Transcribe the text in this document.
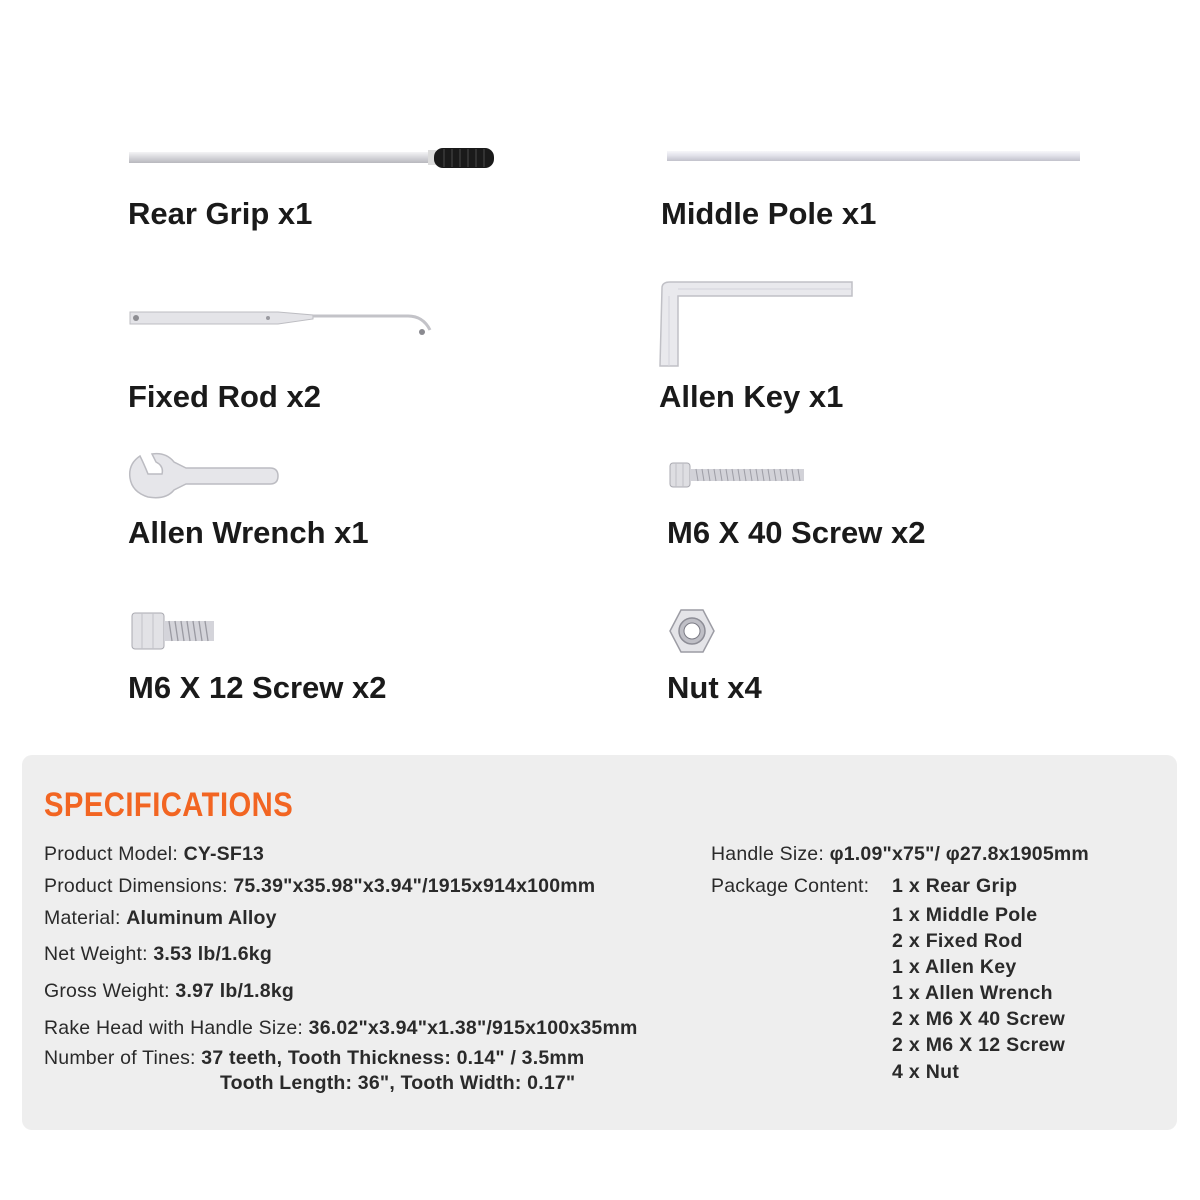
Rear Grip x1	Middle Pole x1
Fixed Rod x2	Allen Key x1
Allen Wrench x1	M6 X 40 Screw x2
M6 X 12 Screw x2	Nut x4
SPECIFICATIONS
Product Model: CY-SF13
Product Dimensions: 75.39"x35.98"x3.94"/1915x914x100mm
Material: Aluminum Alloy
Net Weight: 3.53 lb/1.6kg
Gross Weight: 3.97 lb/1.8kg
Rake Head with Handle Size: 36.02"x3.94"x1.38"/915x100x35mm
Number of Tines: 37 teeth, Tooth Thickness: 0.14" / 3.5mm
Tooth Length: 36", Tooth Width: 0.17"
Handle Size: φ1.09"x75"/ φ27.8x1905mm
Package Content: 1 x Rear Grip
1 x Middle Pole
2 x Fixed Rod
1 x Allen Key
1 x Allen Wrench
2 x M6 X 40 Screw
2 x M6 X 12 Screw
4 x Nut
